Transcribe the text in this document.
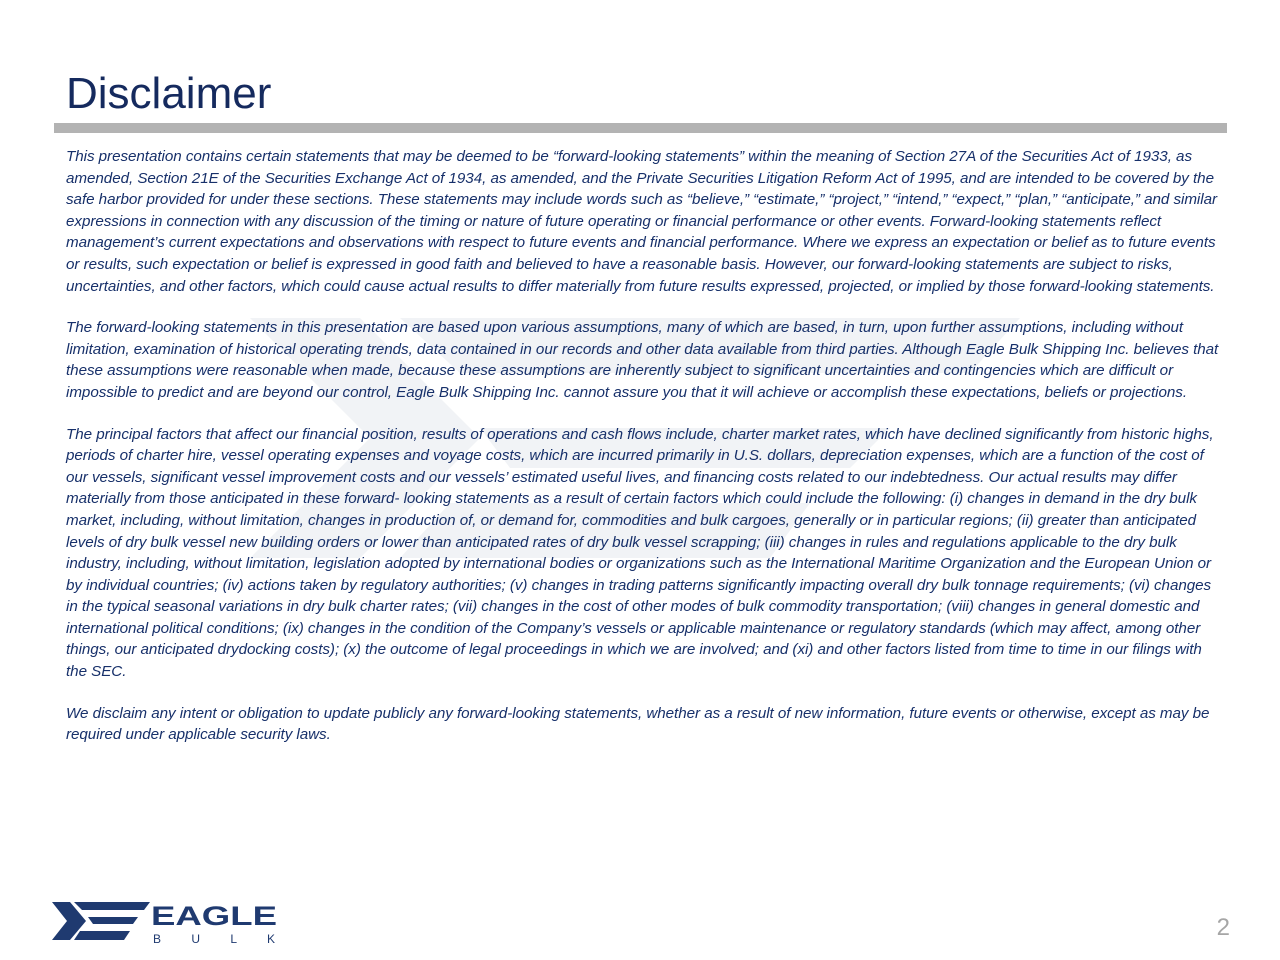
Disclaimer

This presentation contains certain statements that may be deemed to be “forward-looking statements” within the meaning of Section 27A of the Securities Act of 1933, as amended, Section 21E of the Securities Exchange Act of 1934, as amended, and the Private Securities Litigation Reform Act of 1995, and are intended to be covered by the safe harbor provided for under these sections. These statements may include words such as “believe,” “estimate,” “project,” “intend,” “expect,” “plan,” “anticipate,” and similar expressions in connection with any discussion of the timing or nature of future operating or financial performance or other events. Forward-looking statements reflect management’s current expectations and observations with respect to future events and financial performance. Where we express an expectation or belief as to future events or results, such expectation or belief is expressed in good faith and believed to have a reasonable basis. However, our forward-looking statements are subject to risks, uncertainties, and other factors, which could cause actual results to differ materially from future results expressed, projected, or implied by those forward-looking statements.

The forward-looking statements in this presentation are based upon various assumptions, many of which are based, in turn, upon further assumptions, including without limitation, examination of historical operating trends, data contained in our records and other data available from third parties. Although Eagle Bulk Shipping Inc. believes that these assumptions were reasonable when made, because these assumptions are inherently subject to significant uncertainties and contingencies which are difficult or impossible to predict and are beyond our control, Eagle Bulk Shipping Inc. cannot assure you that it will achieve or accomplish these expectations, beliefs or projections.

The principal factors that affect our financial position, results of operations and cash flows include, charter market rates, which have declined significantly from historic highs, periods of charter hire, vessel operating expenses and voyage costs, which are incurred primarily in U.S. dollars, depreciation expenses, which are a function of the cost of our vessels, significant vessel improvement costs and our vessels’ estimated useful lives, and financing costs related to our indebtedness. Our actual results may differ materially from those anticipated in these forward- looking statements as a result of certain factors which could include the following: (i) changes in demand in the dry bulk market, including, without limitation, changes in production of, or demand for, commodities and bulk cargoes, generally or in particular regions; (ii) greater than anticipated levels of dry bulk vessel new building orders or lower than anticipated rates of dry bulk vessel scrapping; (iii) changes in rules and regulations applicable to the dry bulk industry, including, without limitation, legislation adopted by international bodies or organizations such as the International Maritime Organization and the European Union or by individual countries; (iv) actions taken by regulatory authorities; (v) changes in trading patterns significantly impacting overall dry bulk tonnage requirements; (vi) changes in the typical seasonal variations in dry bulk charter rates; (vii) changes in the cost of other modes of bulk commodity transportation; (viii) changes in general domestic and international political conditions; (ix) changes in the condition of the Company’s vessels or applicable maintenance or regulatory standards (which may affect, among other things, our anticipated drydocking costs); (x) the outcome of legal proceedings in which we are involved; and (xi) and other factors listed from time to time in our filings with the SEC.

We disclaim any intent or obligation to update publicly any forward-looking statements, whether as a result of new information, future events or otherwise, except as may be required under applicable security laws.

EAGLE
B U L K	2
